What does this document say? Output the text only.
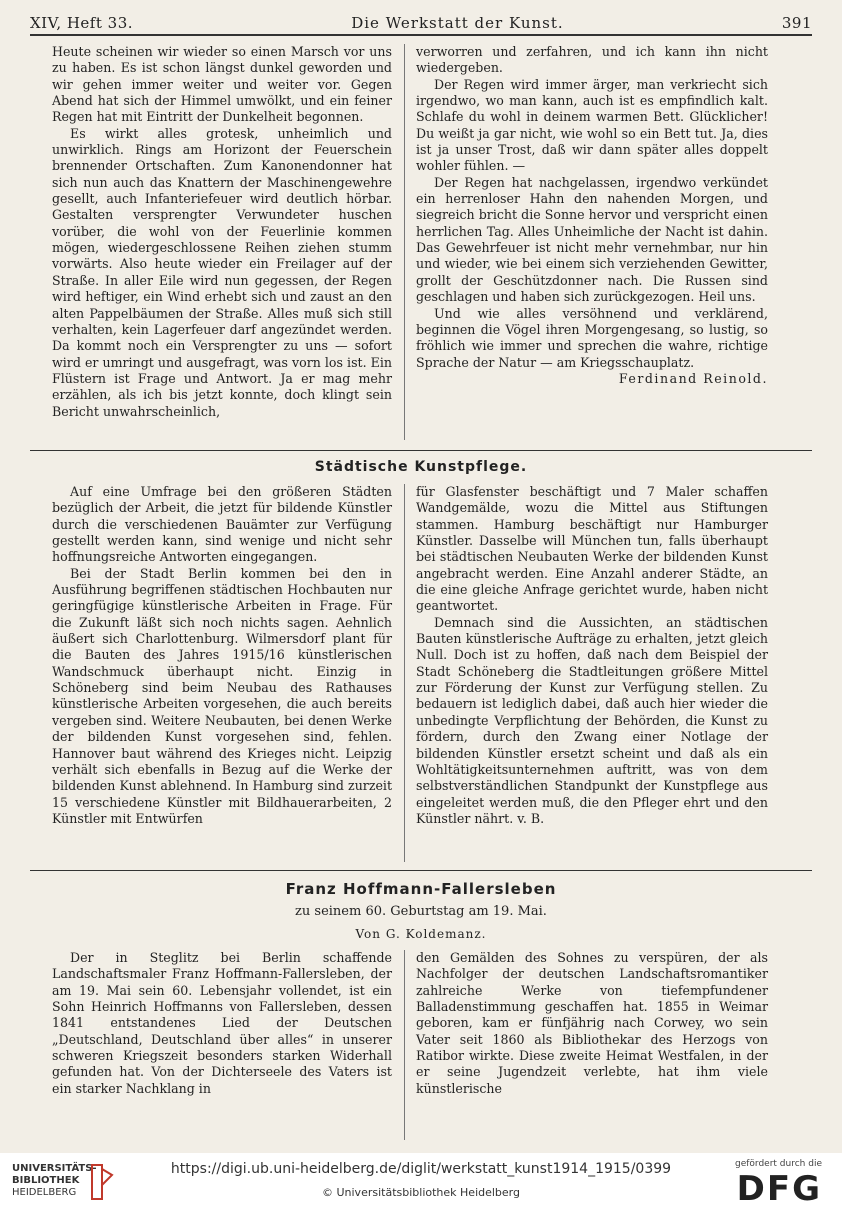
XIV, Heft 33.	Die Werkstatt der Kunst.	391

Heute scheinen wir wieder so einen Marsch vor uns zu haben. Es ist schon längst dunkel geworden und wir gehen immer weiter und weiter vor. Gegen Abend hat sich der Himmel umwölkt, und ein feiner Regen hat mit Eintritt der Dunkelheit begonnen.

Es wirkt alles grotesk, unheimlich und unwirklich. Rings am Horizont der Feuerschein brennender Ortschaften. Zum Kanonendonner hat sich nun auch das Knattern der Maschinengewehre gesellt, auch Infanteriefeuer wird deutlich hörbar. Gestalten versprengter Verwundeter huschen vorüber, die wohl von der Feuerlinie kommen mögen, wiedergeschlossene Reihen ziehen stumm vorwärts. Also heute wieder ein Freilager auf der Straße. In aller Eile wird nun gegessen, der Regen wird heftiger, ein Wind erhebt sich und zaust an den alten Pappelbäumen der Straße. Alles muß sich still verhalten, kein Lagerfeuer darf angezündet werden. Da kommt noch ein Versprengter zu uns — sofort wird er umringt und ausgefragt, was vorn los ist. Ein Flüstern ist Frage und Antwort. Ja er mag mehr erzählen, als ich bis jetzt konnte, doch klingt sein Bericht unwahrscheinlich,

verworren und zerfahren, und ich kann ihn nicht wiedergeben.

Der Regen wird immer ärger, man verkriecht sich irgendwo, wo man kann, auch ist es empfindlich kalt. Schlafe du wohl in deinem warmen Bett. Glücklicher! Du weißt ja gar nicht, wie wohl so ein Bett tut. Ja, dies ist ja unser Trost, daß wir dann später alles doppelt wohler fühlen. —

Der Regen hat nachgelassen, irgendwo verkündet ein herrenloser Hahn den nahenden Morgen, und siegreich bricht die Sonne hervor und verspricht einen herrlichen Tag. Alles Unheimliche der Nacht ist dahin. Das Gewehrfeuer ist nicht mehr vernehmbar, nur hin und wieder, wie bei einem sich verziehenden Gewitter, grollt der Geschützdonner nach. Die Russen sind geschlagen und haben sich zurückgezogen. Heil uns.

Und wie alles versöhnend und verklärend, beginnen die Vögel ihren Morgengesang, so lustig, so fröhlich wie immer und sprechen die wahre, richtige Sprache der Natur — am Kriegsschauplatz.

Ferdinand Reinold.

Städtische Kunstpflege.

Auf eine Umfrage bei den größeren Städten bezüglich der Arbeit, die jetzt für bildende Künstler durch die verschiedenen Bauämter zur Verfügung gestellt werden kann, sind wenige und nicht sehr hoffnungsreiche Antworten eingegangen.

Bei der Stadt Berlin kommen bei den in Ausführung begriffenen städtischen Hochbauten nur geringfügige künstlerische Arbeiten in Frage. Für die Zukunft läßt sich noch nichts sagen. Aehnlich äußert sich Charlottenburg. Wilmersdorf plant für die Bauten des Jahres 1915/16 künstlerischen Wandschmuck überhaupt nicht. Einzig in Schöneberg sind beim Neubau des Rathauses künstlerische Arbeiten vorgesehen, die auch bereits vergeben sind. Weitere Neubauten, bei denen Werke der bildenden Kunst vorgesehen sind, fehlen. Hannover baut während des Krieges nicht. Leipzig verhält sich ebenfalls in Bezug auf die Werke der bildenden Kunst ablehnend. In Hamburg sind zurzeit 15 verschiedene Künstler mit Bildhauerarbeiten, 2 Künstler mit Entwürfen

für Glasfenster beschäftigt und 7 Maler schaffen Wandgemälde, wozu die Mittel aus Stiftungen stammen. Hamburg beschäftigt nur Hamburger Künstler. Dasselbe will München tun, falls überhaupt bei städtischen Neubauten Werke der bildenden Kunst angebracht werden. Eine Anzahl anderer Städte, an die eine gleiche Anfrage gerichtet wurde, haben nicht geantwortet.

Demnach sind die Aussichten, an städtischen Bauten künstlerische Aufträge zu erhalten, jetzt gleich Null. Doch ist zu hoffen, daß nach dem Beispiel der Stadt Schöneberg die Stadtleitungen größere Mittel zur Förderung der Kunst zur Verfügung stellen. Zu bedauern ist lediglich dabei, daß auch hier wieder die unbedingte Verpflichtung der Behörden, die Kunst zu fördern, durch den Zwang einer Notlage der bildenden Künstler ersetzt scheint und daß als ein Wohltätigkeitsunternehmen auftritt, was von dem selbstverständlichen Standpunkt der Kunstpflege aus eingeleitet werden muß, die den Pfleger ehrt und den Künstler nährt. v. B.

Franz Hoffmann-Fallersleben
zu seinem 60. Geburtstag am 19. Mai.
Von G. Koldemanz.

Der in Steglitz bei Berlin schaffende Landschaftsmaler Franz Hoffmann-Fallersleben, der am 19. Mai sein 60. Lebensjahr vollendet, ist ein Sohn Heinrich Hoffmanns von Fallersleben, dessen 1841 entstandenes Lied der Deutschen „Deutschland, Deutschland über alles“ in unserer schweren Kriegszeit besonders starken Widerhall gefunden hat. Von der Dichterseele des Vaters ist ein starker Nachklang in

den Gemälden des Sohnes zu verspüren, der als Nachfolger der deutschen Landschaftsromantiker zahlreiche Werke von tiefempfundener Balladenstimmung geschaffen hat. 1855 in Weimar geboren, kam er fünfjährig nach Corwey, wo sein Vater seit 1860 als Bibliothekar des Herzogs von Ratibor wirkte. Diese zweite Heimat Westfalen, in der er seine Jugendzeit verlebte, hat ihm viele künstlerische

UNIVERSITÄTS-
BIBLIOTHEK
HEIDELBERG
https://digi.ub.uni-heidelberg.de/diglit/werkstatt_kunst1914_1915/0399
© Universitätsbibliothek Heidelberg
gefördert durch die
DFG
